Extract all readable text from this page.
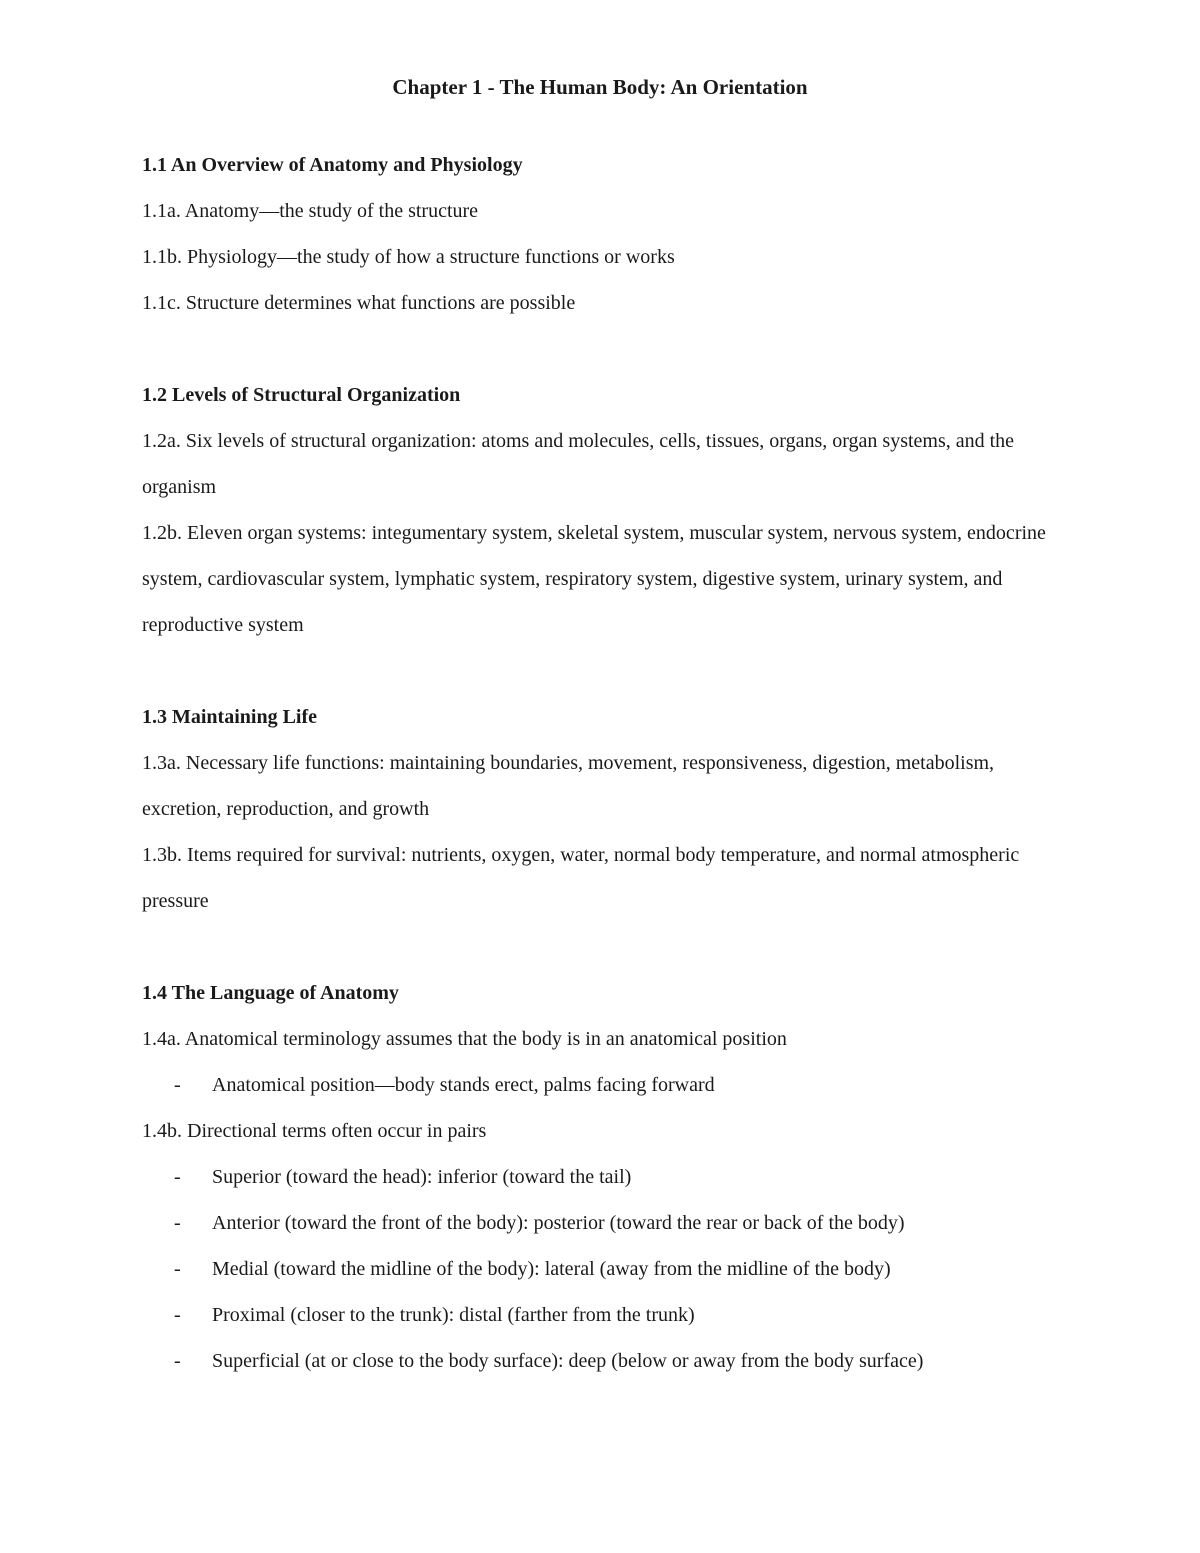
Chapter 1 - The Human Body: An Orientation

1.1 An Overview of Anatomy and Physiology

1.1a. Anatomy—the study of the structure

1.1b. Physiology—the study of how a structure functions or works

1.1c. Structure determines what functions are possible

1.2 Levels of Structural Organization

1.2a. Six levels of structural organization: atoms and molecules, cells, tissues, organs, organ systems, and the organism

1.2b. Eleven organ systems: integumentary system, skeletal system, muscular system, nervous system, endocrine system, cardiovascular system, lymphatic system, respiratory system, digestive system, urinary system, and reproductive system

1.3 Maintaining Life

1.3a. Necessary life functions: maintaining boundaries, movement, responsiveness, digestion, metabolism, excretion, reproduction, and growth

1.3b. Items required for survival: nutrients, oxygen, water, normal body temperature, and normal atmospheric pressure

1.4 The Language of Anatomy

1.4a. Anatomical terminology assumes that the body is in an anatomical position

- Anatomical position—body stands erect, palms facing forward

1.4b. Directional terms often occur in pairs

- Superior (toward the head): inferior (toward the tail)
- Anterior (toward the front of the body): posterior (toward the rear or back of the body)
- Medial (toward the midline of the body): lateral (away from the midline of the body)
- Proximal (closer to the trunk): distal (farther from the trunk)
- Superficial (at or close to the body surface): deep (below or away from the body surface)
